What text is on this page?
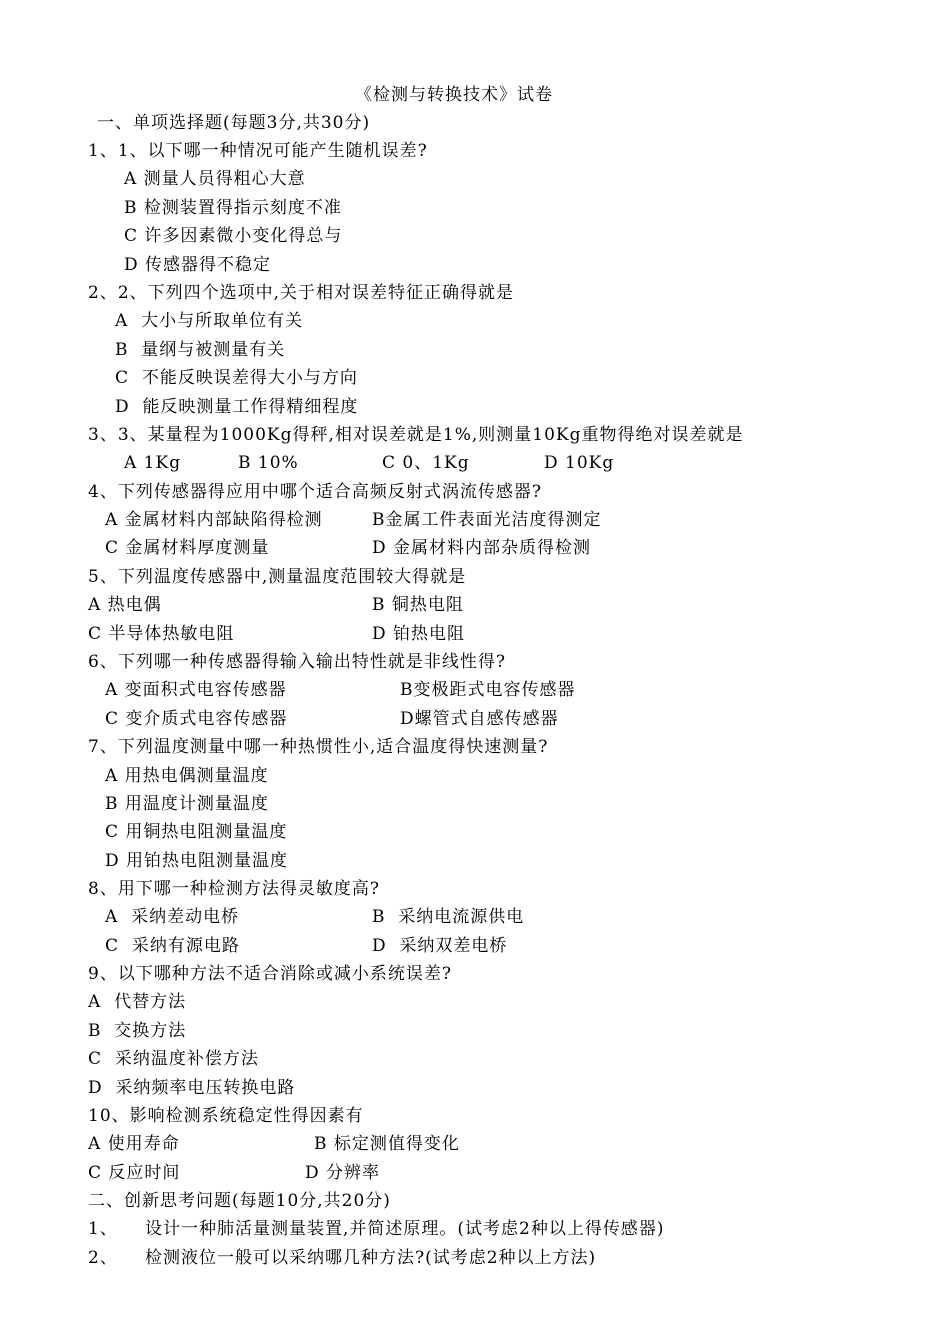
《检测与转换技术》试卷
一、单项选择题(每题3分,共30分)
1、1、以下哪一种情况可能产生随机误差?
A 测量人员得粗心大意
B 检测装置得指示刻度不准
C 许多因素微小变化得总与
D 传感器得不稳定
2、2、下列四个选项中,关于相对误差特征正确得就是
A  大小与所取单位有关
B  量纲与被测量有关
C  不能反映误差得大小与方向
D  能反映测量工作得精细程度
3、3、某量程为1000Kg得秤,相对误差就是1%,则测量10Kg重物得绝对误差就是
A 1Kg	B 10%	C 0、1Kg	D 10Kg
4、下列传感器得应用中哪个适合高频反射式涡流传感器?
A 金属材料内部缺陷得检测	B金属工件表面光洁度得测定
C 金属材料厚度测量	D 金属材料内部杂质得检测
5、下列温度传感器中,测量温度范围较大得就是
A 热电偶	B 铜热电阻
C 半导体热敏电阻	D 铂热电阻
6、下列哪一种传感器得输入输出特性就是非线性得?
A 变面积式电容传感器	B变极距式电容传感器
C 变介质式电容传感器	D螺管式自感传感器
7、下列温度测量中哪一种热惯性小,适合温度得快速测量?
A 用热电偶测量温度
B 用温度计测量温度
C 用铜热电阻测量温度
D 用铂热电阻测量温度
8、用下哪一种检测方法得灵敏度高?
A  采纳差动电桥	B  采纳电流源供电
C  采纳有源电路	D  采纳双差电桥
9、以下哪种方法不适合消除或减小系统误差?
A  代替方法
B  交换方法
C  采纳温度补偿方法
D  采纳频率电压转换电路
10、影响检测系统稳定性得因素有
A 使用寿命	B 标定测值得变化
C 反应时间	D 分辨率
二、创新思考问题(每题10分,共20分)
1、 设计一种肺活量测量装置,并简述原理。(试考虑2种以上得传感器)
2、 检测液位一般可以采纳哪几种方法?(试考虑2种以上方法)
